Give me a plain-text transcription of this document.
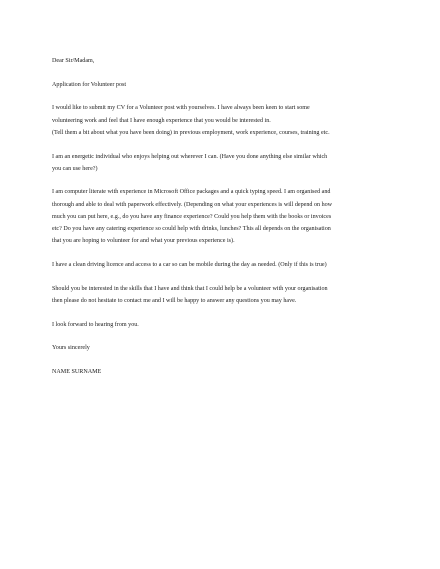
Dear Sir/Madam,
Application for Volunteer post
I would like to submit my CV for a Volunteer post with yourselves. I have always been keen to start some
volunteering work and feel that I have enough experience that you would be interested in.
(Tell them a bit about what you have been doing) in previous employment, work experience, courses, training etc.
I am an energetic individual who enjoys helping out wherever I can. (Have you done anything else similar which
you can use here?)
I am computer literate with experience in Microsoft Office packages and a quick typing speed. I am organised and
thorough and able to deal with paperwork effectively. (Depending on what your experiences is will depend on how
much you can put here, e.g., do you have any finance experience? Could you help them with the books or invoices
etc? Do you have any catering experience so could help with drinks, lunches? This all depends on the organisation
that you are hoping to volunteer for and what your previous experience is).
I have a clean driving licence and access to a car so can be mobile during the day as needed. (Only if this is true)
Should you be interested in the skills that I have and think that I could help be a volunteer with your organisation
then please do not hesitate to contact me and I will be happy to answer any questions you may have.
I look forward to hearing from you.
Yours sincerely
NAME SURNAME
